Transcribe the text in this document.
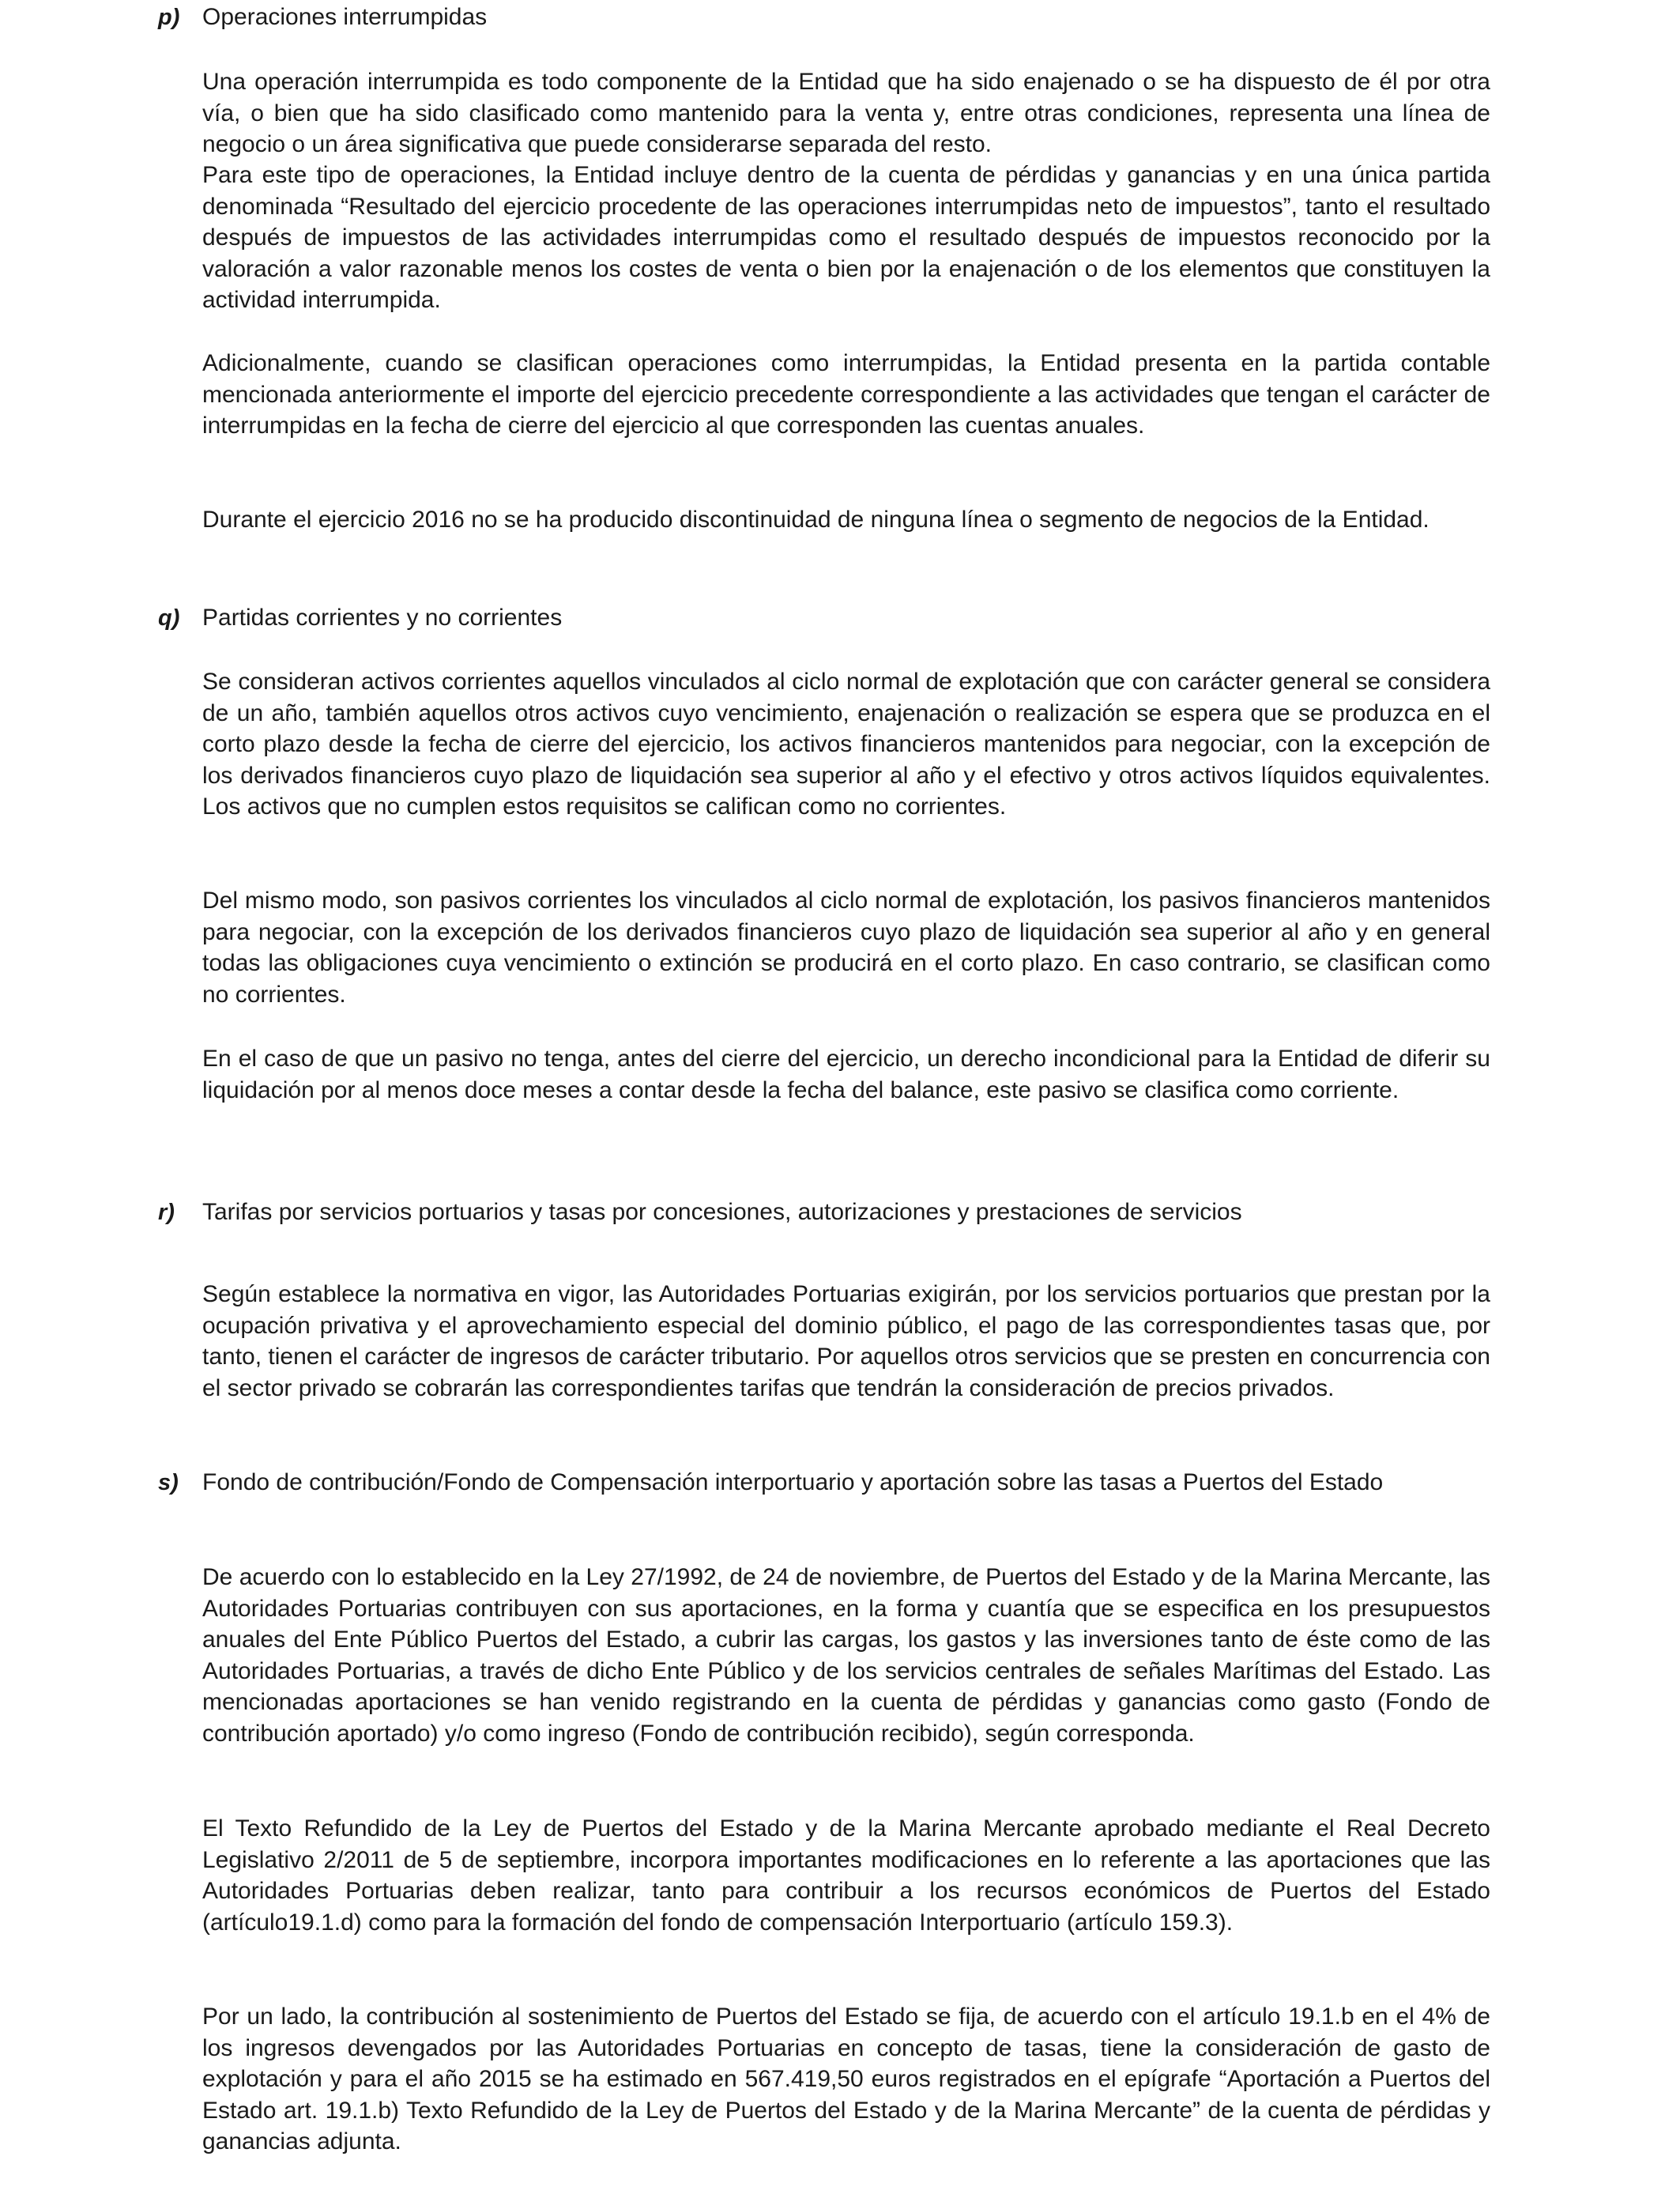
p) Operaciones interrumpidas

Una operación interrumpida es todo componente de la Entidad que ha sido enajenado o se ha dispuesto de él por otra vía, o bien que ha sido clasificado como mantenido para la venta y, entre otras condiciones, representa una línea de negocio o un área significativa que puede considerarse separada del resto.

Para este tipo de operaciones, la Entidad incluye dentro de la cuenta de pérdidas y ganancias y en una única partida denominada “Resultado del ejercicio procedente de las operaciones interrumpidas neto de impuestos”, tanto el resultado después de impuestos de las actividades interrumpidas como el resultado después de impuestos reconocido por la valoración a valor razonable menos los costes de venta o bien por la enajenación o de los elementos que constituyen la actividad interrumpida.

Adicionalmente, cuando se clasifican operaciones como interrumpidas, la Entidad presenta en la partida contable mencionada anteriormente el importe del ejercicio precedente correspondiente a las actividades que tengan el carácter de interrumpidas en la fecha de cierre del ejercicio al que corresponden las cuentas anuales.

Durante el ejercicio 2016 no se ha producido discontinuidad de ninguna línea o segmento de negocios de la Entidad.

q) Partidas corrientes y no corrientes

Se consideran activos corrientes aquellos vinculados al ciclo normal de explotación que con carácter general se considera de un año, también aquellos otros activos cuyo vencimiento, enajenación o realización se espera que se produzca en el corto plazo desde la fecha de cierre del ejercicio, los activos financieros mantenidos para negociar, con la excepción de los derivados financieros cuyo plazo de liquidación sea superior al año y el efectivo y otros activos líquidos equivalentes. Los activos que no cumplen estos requisitos se califican como no corrientes.

Del mismo modo, son pasivos corrientes los vinculados al ciclo normal de explotación, los pasivos financieros mantenidos para negociar, con la excepción de los derivados financieros cuyo plazo de liquidación sea superior al año y en general todas las obligaciones cuya vencimiento o extinción se producirá en el corto plazo. En caso contrario, se clasifican como no corrientes.

En el caso de que un pasivo no tenga, antes del cierre del ejercicio, un derecho incondicional para la Entidad de diferir su liquidación por al menos doce meses a contar desde la fecha del balance, este pasivo se clasifica como corriente.

r) Tarifas por servicios portuarios y tasas por concesiones, autorizaciones y prestaciones de servicios

Según establece la normativa en vigor, las Autoridades Portuarias exigirán, por los servicios portuarios que prestan por la ocupación privativa y el aprovechamiento especial del dominio público, el pago de las correspondientes tasas que, por tanto, tienen el carácter de ingresos de carácter tributario. Por aquellos otros servicios que se presten en concurrencia con el sector privado se cobrarán las correspondientes tarifas que tendrán la consideración de precios privados.

s) Fondo de contribución/Fondo de Compensación interportuario y aportación sobre las tasas a Puertos del Estado

De acuerdo con lo establecido en la Ley 27/1992, de 24 de noviembre, de Puertos del Estado y de la Marina Mercante, las Autoridades Portuarias contribuyen con sus aportaciones, en la forma y cuantía que se especifica en los presupuestos anuales del Ente Público Puertos del Estado, a cubrir las cargas, los gastos y las inversiones tanto de éste como de las Autoridades Portuarias, a través de dicho Ente Público y de los servicios centrales de señales Marítimas del Estado. Las mencionadas aportaciones se han venido registrando en la cuenta de pérdidas y ganancias como gasto (Fondo de contribución aportado) y/o como ingreso (Fondo de contribución recibido), según corresponda.

El Texto Refundido de la Ley de Puertos del Estado y de la Marina Mercante aprobado mediante el Real Decreto Legislativo 2/2011 de 5 de septiembre, incorpora importantes modificaciones en lo referente a las aportaciones que las Autoridades Portuarias deben realizar, tanto para contribuir a los recursos económicos de Puertos del Estado (artículo19.1.d) como para la formación del fondo de compensación Interportuario (artículo 159.3).

Por un lado, la contribución al sostenimiento de Puertos del Estado se fija, de acuerdo con el artículo 19.1.b en el 4% de los ingresos devengados por las Autoridades Portuarias en concepto de tasas, tiene la consideración de gasto de explotación y para el año 2015 se ha estimado en 567.419,50 euros registrados en el epígrafe “Aportación a Puertos del Estado art. 19.1.b) Texto Refundido de la Ley de Puertos del Estado y de la Marina Mercante” de la cuenta de pérdidas y ganancias adjunta.
